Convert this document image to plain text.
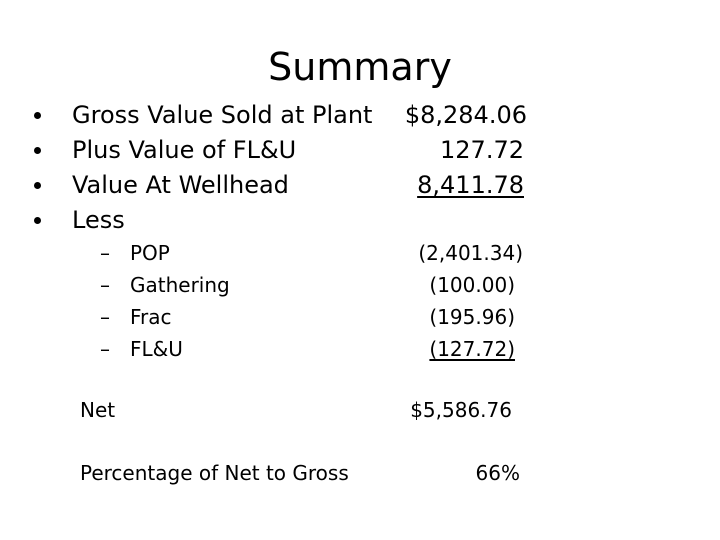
Summary
Gross Value Sold at Plant $8,284.06
Plus Value of FL&U	127.72
Value At Wellhead	8,411.78
Less
– POP	(2,401.34)
– Gathering	(100.00)
– Frac	(195.96)
– FL&U	(127.72)
Net	$5,586.76
Percentage of Net to Gross	66%
